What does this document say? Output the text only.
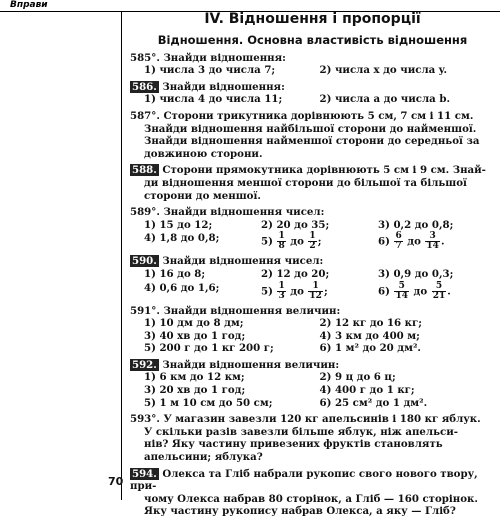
Вправи
70
IV. Відношення і пропорції
Відношення. Основна властивість відношення
585°. Знайди відношення:
1) числа 3 до числа 7;	2) числа x до числа y.
586. Знайди відношення:
1) числа 4 до числа 11;	2) числа a до числа b.
587°. Сторони трикутника дорівнюють 5 см, 7 см і 11 см.
Знайди відношення найбільшої сторони до найменшої.
Знайди відношення найменшої сторони до середньої за
довжиною сторони.
588. Сторони прямокутника дорівнюють 5 см і 9 см. Знай-
ди відношення меншої сторони до більшої та більшої
сторони до меншої.
589°. Знайди відношення чисел:
1) 15 до 12;	2) 20 до 35;	3) 0,2 до 0,8;
4) 1,8 до 0,8;	$5) \frac{1}{8}$ до $\frac{1}{2}$ ;	$6) \frac{6}{7}$ до $\frac{3}{14}$ .
590. Знайди відношення чисел:
1) 16 до 8;	2) 12 до 20;	3) 0,9 до 0,3;
4) 0,6 до 1,6;	$5) \frac{1}{3}$ до $\frac{1}{12}$ ;	$6) \frac{5}{14}$ до $\frac{5}{21}$ .
591°. Знайди відношення величин:
1) 10 дм до 8 дм;	2) 12 кг до 16 кг;
3) 40 хв до 1 год;	4) 3 км до 400 м;
5) 200 г до 1 кг 200 г;	6) 1 м² до 20 дм².
592. Знайди відношення величин:
1) 6 км до 12 км;	2) 9 ц до 6 ц;
3) 20 хв до 1 год;	4) 400 г до 1 кг;
5) 1 м 10 см до 50 см;	6) 25 см² до 1 дм².
593°. У магазин завезли 120 кг апельсинів і 180 кг яблук.
У скільки разів завезли більше яблук, ніж апельси-
нів? Яку частину привезених фруктів становлять
апельсини; яблука?
594. Олекса та Гліб набрали рукопис свого нового твору, при-
чому Олекса набрав 80 сторінок, а Гліб — 160 сторінок.
Яку частину рукопису набрав Олекса, а яку — Гліб?
